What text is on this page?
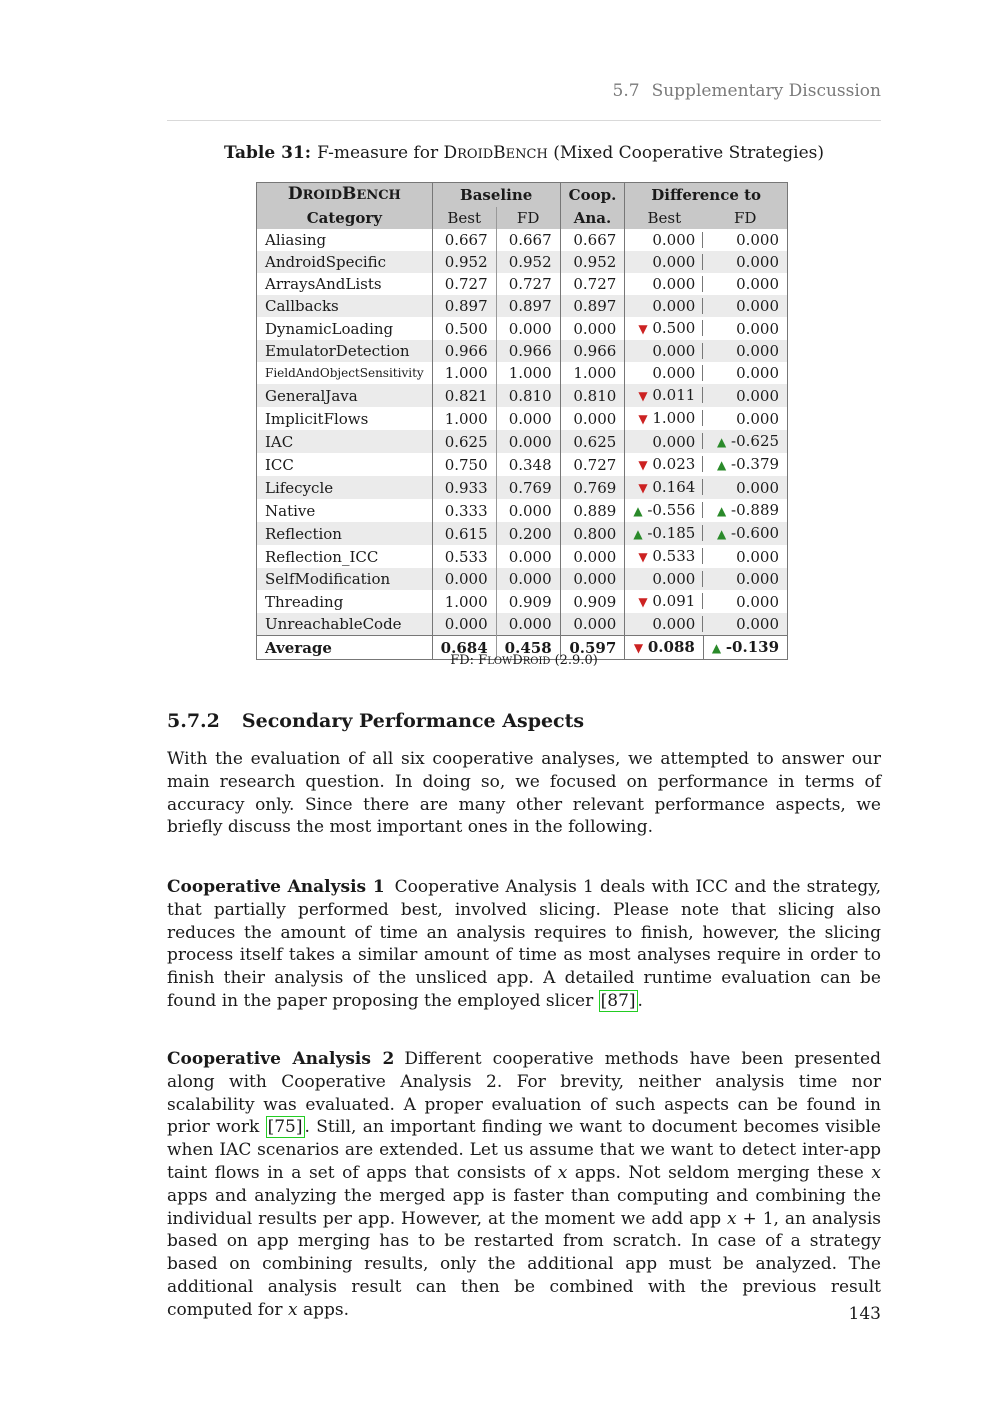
5.7 Supplementary Discussion
Table 31: F-measure for DROIDBENCH (Mixed Cooperative Strategies)
DROIDBENCH	Baseline		Coop.	Difference to	
Category	Best	FD	Ana.	Best	FD
Aliasing	0.667	0.667	0.667	0.000	0.000
AndroidSpecific	0.952	0.952	0.952	0.000	0.000
ArraysAndLists	0.727	0.727	0.727	0.000	0.000
Callbacks	0.897	0.897	0.897	0.000	0.000
DynamicLoading	0.500	0.000	0.000	▼ 0.500	0.000
EmulatorDetection	0.966	0.966	0.966	0.000	0.000
FieldAndObjectSensitivity	1.000	1.000	1.000	0.000	0.000
GeneralJava	0.821	0.810	0.810	▼ 0.011	0.000
ImplicitFlows	1.000	0.000	0.000	▼ 1.000	0.000
IAC	0.625	0.000	0.625	0.000	▲ -0.625
ICC	0.750	0.348	0.727	▼ 0.023	▲ -0.379
Lifecycle	0.933	0.769	0.769	▼ 0.164	0.000
Native	0.333	0.000	0.889	▲ -0.556	▲ -0.889
Reflection	0.615	0.200	0.800	▲ -0.185	▲ -0.600
Reflection_ICC	0.533	0.000	0.000	▼ 0.533	0.000
SelfModification	0.000	0.000	0.000	0.000	0.000
Threading	1.000	0.909	0.909	▼ 0.091	0.000
UnreachableCode	0.000	0.000	0.000	0.000	0.000
Average	0.684	0.458	0.597	▼ 0.088	▲ -0.139
FD: FLOWDROID (2.9.0)
5.7.2 Secondary Performance Aspects
With the evaluation of all six cooperative analyses, we attempted to answer our main research question. In doing so, we focused on performance in terms of accuracy only. Since there are many other relevant performance aspects, we briefly discuss the most important ones in the following.
Cooperative Analysis 1 Cooperative Analysis 1 deals with ICC and the strategy, that partially performed best, involved slicing. Please note that slicing also reduces the amount of time an analysis requires to finish, however, the slicing process itself takes a similar amount of time as most analyses require in order to finish their analysis of the unsliced app. A detailed runtime evaluation can be found in the paper proposing the employed slicer [87] .
Cooperative Analysis 2 Different cooperative methods have been presented along with Cooperative Analysis 2. For brevity, neither analysis time nor scalability was evaluated. A proper evaluation of such aspects can be found in prior work [75] . Still, an important finding we want to document becomes visible when IAC scenarios are extended. Let us assume that we want to detect inter-app taint flows in a set of apps that consists of x apps. Not seldom merging these x apps and analyzing the merged app is faster than computing and combining the individual results per app. However, at the moment we add app x + 1, an analysis based on app merging has to be restarted from scratch. In case of a strategy based on combining results, only the additional app must be analyzed. The additional analysis result can then be combined with the previous result computed for x apps.	143
